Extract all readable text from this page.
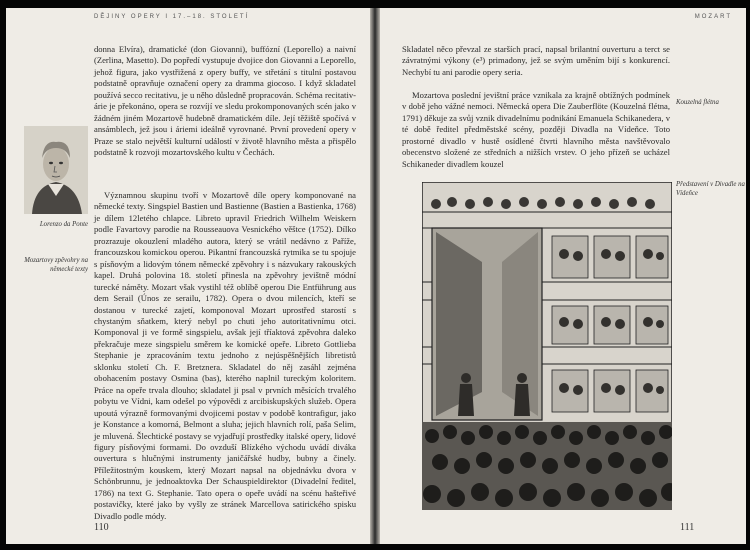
DĚJINY OPERY I 17.–18. STOLETÍ
Lorenzo da Ponte
Mozartovy zpěvohry na německé texty

donna Elvíra), dramatické (don Giovanni), buffózní (Leporello) a naivní (Zerlina, Masetto). Do popředí vystupuje dvojice don Giovanni a Leporello, jehož figura, jako vystřižená z opery buffy, ve střetání s titulní postavou podstatně opravňuje označení opery za dramma giocoso. I když skladatel používá secco recitativu, je u něho důsledně propracován. Schéma recitativ-árie je překonáno, opera se rozvíjí ve sledu prokomponovaných scén jako v žádném jiném Mozartově hudebně dramatickém díle. Její těžiště spočívá v ansámblech, jež jsou i áriemi ideálně vyrovnané. První provedení opery v Praze se stalo největší kulturní událostí v životě hlavního města a přispělo podstatně k rozvoji mozartovského kultu v Čechách.

Významnou skupinu tvoří v Mozartově díle opery komponované na německé texty. Singspiel Bastien und Bastienne (Bastien a Bastienka, 1768) je dílem 12letého chlapce. Libreto upravil Friedrich Wilhelm Weiskern podle Favartovy parodie na Rousseauova Vesnického věštce (1752). Dílko prozrazuje okouzlení mladého autora, který se vrátil nedávno z Paříže, francouzskou komickou operou. Pikantní francouzská rytmika se tu spojuje s písňovým a lidovým tónem německé zpěvohry i s názvukary rakouských kapel. Druhá polovina 18. století přinesla na zpěvohry jevištně módní turecké náměty. Mozart však vystihl též oblíbě operou Die Entführung aus dem Serail (Únos ze serailu, 1782). Opera o dvou milencích, kteří se dostanou v turecké zajetí, komponoval Mozart uprostřed starostí s chystaným sňatkem, který nebyl po chuti jeho autoritativnímu otci. Komponoval ji ve formě singspielu, avšak její tříaktová zpěvohra daleko překračuje meze singspielu směrem ke komické opeře. Libreto Gottlieba Stephanie je zpracováním textu jednoho z nejúspěšnějších libretistů sklonku století Ch. F. Bretznera. Skladatel do něj zasáhl zejména obohacením postavy Osmina (bas), kterého naplnil tureckým koloritem. Práce na opeře trvala dlouho; skladatel ji psal v prvních měsících trvalého pobytu ve Vídni, kam odešel po výpovědi z arcibiskupských služeb. Opera upoutá výrazně formovanými dvojicemi postav v podobě kontrafigur, jako je Konstance a komorná, Belmont a sluha; jejich hlavních rolí, paša Selim, je mluvená. Šlechtické postavy se vyjadřují prostředky italské opery, lidové figury písňovými formami. Do ovzduší Blízkého východu uvádí diváka ouvertura s hlučnými instrumenty janičářské hudby, bubny a činely. Příležitostným kouskem, který Mozart napsal na objednávku dvora v Schönbrunnu, je jednoaktovka Der Schauspieldirektor (Divadelní ředitel, 1786) na text G. Stephanie. Tato opera o opeře uvádí na scénu hašteřivé postavičky, které jako by vyšly ze stránek Marcellova satirického spisku Divadlo podle módy.

110
MOZART

Skladatel něco převzal ze starších prací, napsal brilantní ouverturu a terct se závratnými výkony (e³) primadony, jež se svým uměním bijí s konkurencí. Nechybí tu ani parodie opery seria.

Mozartova poslední jevištní práce vznikala za krajně obtížných podmínek v době jeho vážné nemoci. Německá opera Die Zauberflöte (Kouzelná flétna, 1791) děkuje za svůj vznik divadelnímu podnikání Emanuela Schikanedera, v té době ředitel předměstské scény, později Divadla na Vídeňce. Toto prostorné divadlo v hustě osídlené čtvrti hlavního města navštěvovalo obecenstvo složené ze středních a nižších vrstev. O jeho přízeň se ucházel Schikaneder divadlem kouzel

Kouzelná flétna
Představení v Divadle na Vídeňce
111
